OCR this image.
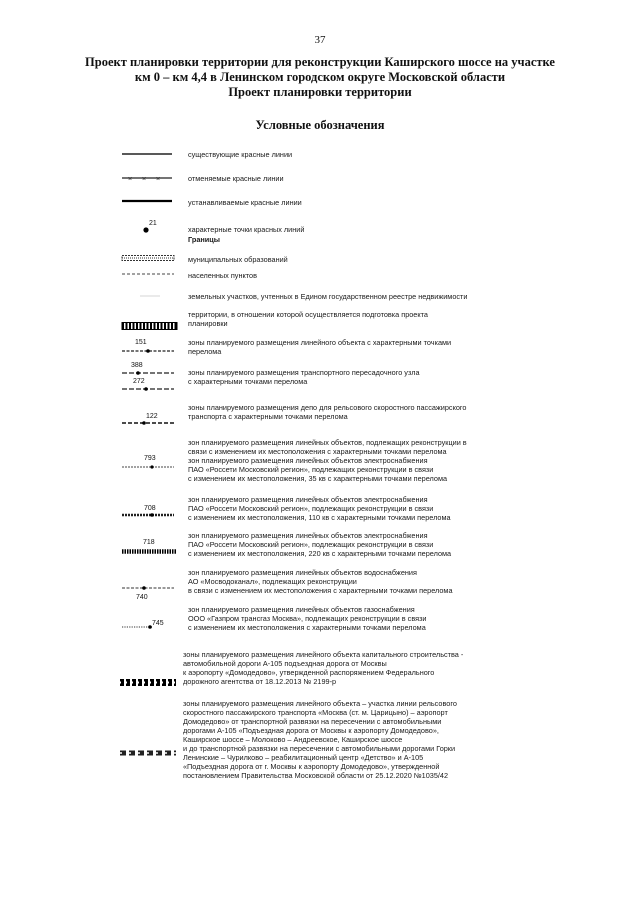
37
Проект планировки территории для реконструкции Каширского шоссе на участке
км 0 – км 4,4 в Ленинском городском округе Московской области
Проект планировки территории
Условные обозначения
существующие красные линии
× × ×	отменяемые красные линии
устанавливаемые красные линии
21
характерные точки красных линий
Границы
муниципальных образований
населенных пунктов
земельных участков, учтенных в Едином государственном реестре недвижимости
территории, в отношении которой осуществляется подготовка проекта
планировки
151	зоны планируемого размещения линейного объекта с характерными точками
перелома
388
272
зоны планируемого размещения транспортного пересадочного узла
с характерными точками перелома
122
зоны планируемого размещения депо для рельсового скоростного пассажирского
транспорта с характерными точками перелома
793
зон планируемого размещения линейных объектов, подлежащих реконструкции в
связи с изменением их местоположения с характерными точками перелома
зон планируемого размещения линейных объектов электроснабжения
ПАО «Россети Московский регион», подлежащих реконструкции в связи
с изменением их местоположения, 35 кв с характерными точками перелома
708
зон планируемого размещения линейных объектов электроснабжения
ПАО «Россети Московский регион», подлежащих реконструкции в связи
с изменением их местоположения, 110 кв с характерными точками перелома
718
зон планируемого размещения линейных объектов электроснабжения
ПАО «Россети Московский регион», подлежащих реконструкции в связи
с изменением их местоположения, 220 кв с характерными точками перелома
740
зон планируемого размещения линейных объектов водоснабжения
АО «Мосводоканал», подлежащих реконструкции
в связи с изменением их местоположения с характерными точками перелома
745
зон планируемого размещения линейных объектов газоснабжения
ООО «Газпром трансгаз Москва», подлежащих реконструкции в связи
с изменением их местоположения с характерными точками перелома
зоны планируемого размещения линейного объекта капитального строительства -
автомобильной дороги А-105 подъездная дорога от Москвы
к аэропорту «Домодедово», утвержденной распоряжением Федерального
дорожного агентства от 18.12.2013 № 2199-р
зоны планируемого размещения линейного объекта – участка линии рельсового
скоростного пассажирского транспорта «Москва (ст. м. Царицыно) – аэропорт
Домодедово» от транспортной развязки на пересечении с автомобильными
дорогами А-105 «Подъездная дорога от Москвы к аэропорту Домодедово»,
Каширское шоссе – Молоково – Андреевское, Каширское шоссе
и до транспортной развязки на пересечении с автомобильными дорогами Горки
Ленинские – Чурилково – реабилитационный центр «Детство» и А-105
«Подъездная дорога от г. Москвы к аэропорту Домодедово», утвержденной
постановлением Правительства Московской области от 25.12.2020 №1035/42
